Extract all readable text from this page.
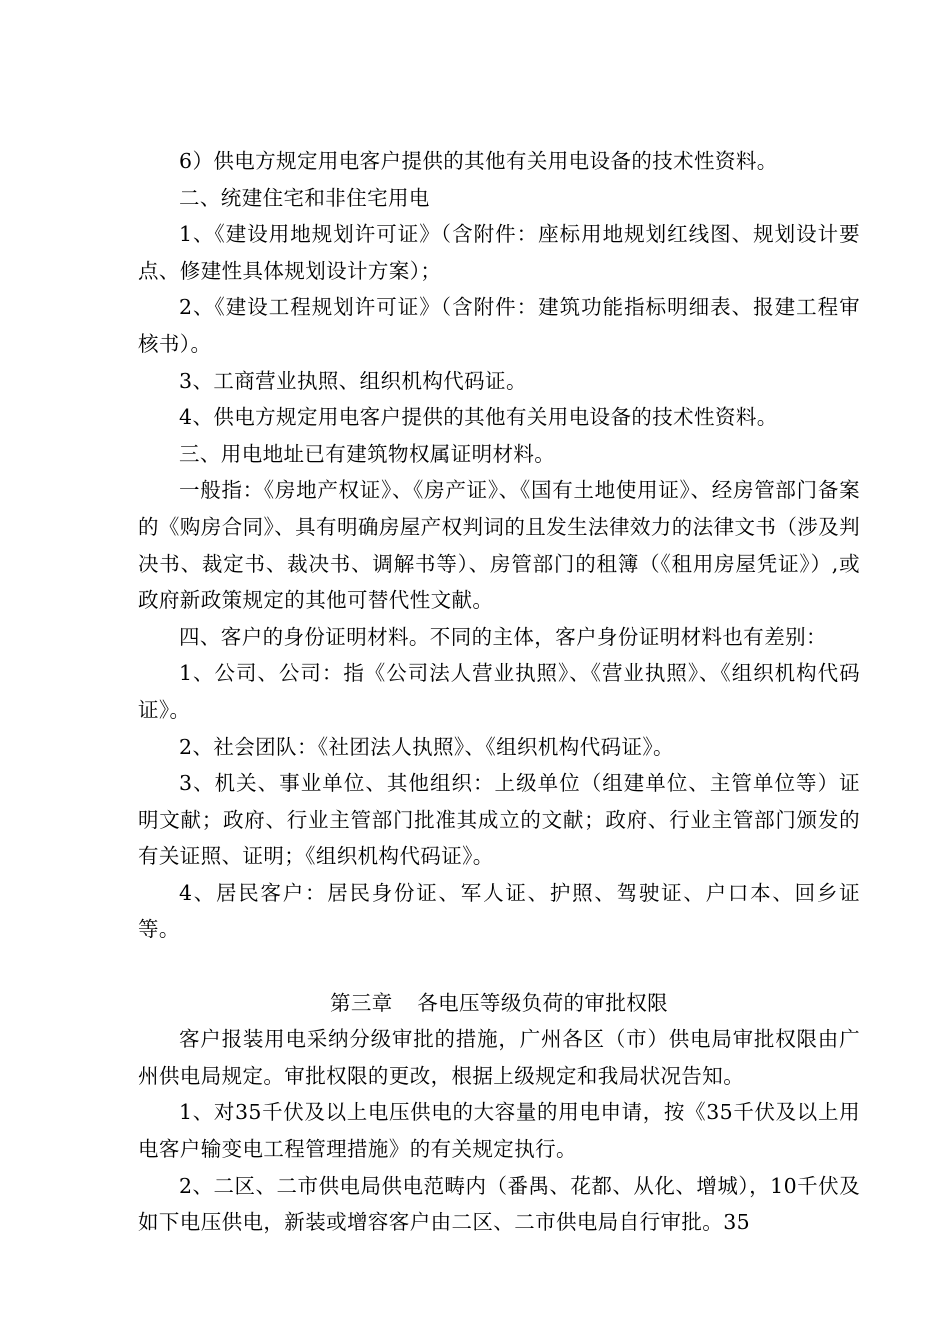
6）供电方规定用电客户提供的其他有关用电设备的技术性资料。

二、统建住宅和非住宅用电

1、《建设用地规划许可证》（含附件：座标用地规划红线图、规划设计要点、修建性具体规划设计方案）；

2、《建设工程规划许可证》（含附件：建筑功能指标明细表、报建工程审核书）。

3、工商营业执照、组织机构代码证。

4、供电方规定用电客户提供的其他有关用电设备的技术性资料。

三、用电地址已有建筑物权属证明材料。

一般指：《房地产权证》、《房产证》、《国有土地使用证》、经房管部门备案的《购房合同》、具有明确房屋产权判词的且发生法律效力的法律文书（涉及判决书、裁定书、裁决书、调解书等）、房管部门的租簿（《租用房屋凭证》）,或政府新政策规定的其他可替代性文献。

四、客户的身份证明材料。不同的主体，客户身份证明材料也有差别：

1、公司、公司：指《公司法人营业执照》、《营业执照》、《组织机构代码证》。

2、社会团队：《社团法人执照》、《组织机构代码证》。

3、机关、事业单位、其他组织：上级单位（组建单位、主管单位等）证明文献；政府、行业主管部门批准其成立的文献；政府、行业主管部门颁发的有关证照、证明；《组织机构代码证》。

4、居民客户：居民身份证、军人证、护照、驾驶证、户口本、回乡证等。

第三章 各电压等级负荷的审批权限

客户报装用电采纳分级审批的措施，广州各区（市）供电局审批权限由广州供电局规定。审批权限的更改，根据上级规定和我局状况告知。

1、对35千伏及以上电压供电的大容量的用电申请，按《35千伏及以上用电客户输变电工程管理措施》的有关规定执行。

2、二区、二市供电局供电范畴内（番禺、花都、从化、增城），10千伏及如下电压供电，新装或增容客户由二区、二市供电局自行审批。35
